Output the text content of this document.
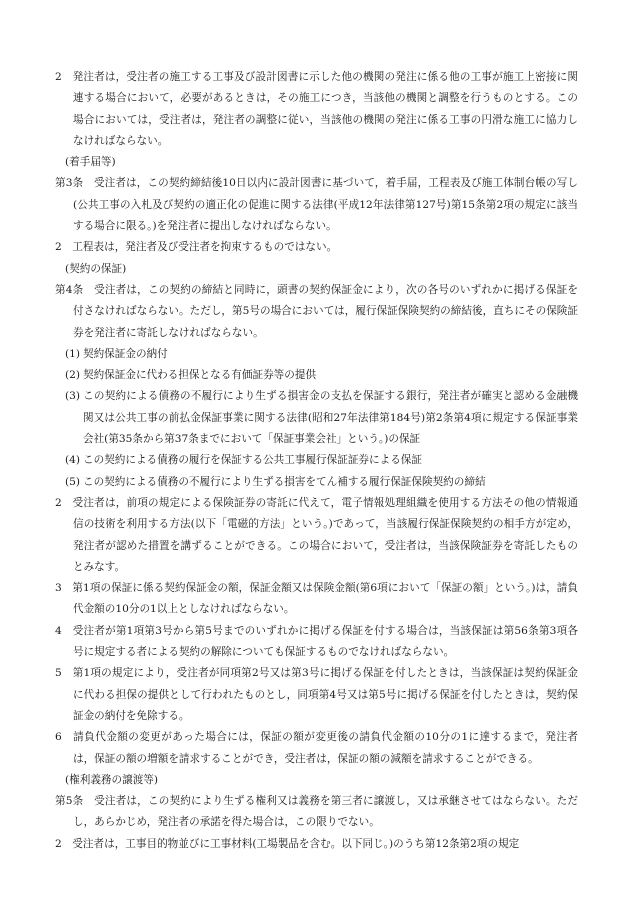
2　発注者は，受注者の施工する工事及び設計図書に示した他の機関の発注に係る他の工事が施工上密接に関連する場合において，必要があるときは，その施工につき，当該他の機関と調整を行うものとする。この場合においては，受注者は，発注者の調整に従い，当該他の機関の発注に係る工事の円滑な施工に協力しなければならない。
(着手届等)
第3条　受注者は，この契約締結後10日以内に設計図書に基づいて，着手届，工程表及び施工体制台帳の写し(公共工事の入札及び契約の適正化の促進に関する法律(平成12年法律第127号)第15条第2項の規定に該当する場合に限る。)を発注者に提出しなければならない。
2　工程表は，発注者及び受注者を拘束するものではない。
(契約の保証)
第4条　受注者は，この契約の締結と同時に，頭書の契約保証金により，次の各号のいずれかに掲げる保証を付さなければならない。ただし，第5号の場合においては，履行保証保険契約の締結後，直ちにその保険証券を発注者に寄託しなければならない。
(1) 契約保証金の納付
(2) 契約保証金に代わる担保となる有価証券等の提供
(3) この契約による債務の不履行により生ずる損害金の支払を保証する銀行，発注者が確実と認める金融機関又は公共工事の前払金保証事業に関する法律(昭和27年法律第184号)第2条第4項に規定する保証事業会社(第35条から第37条までにおいて「保証事業会社」という。)の保証
(4) この契約による債務の履行を保証する公共工事履行保証証券による保証
(5) この契約による債務の不履行により生ずる損害をてん補する履行保証保険契約の締結
2　受注者は，前項の規定による保険証券の寄託に代えて，電子情報処理組織を使用する方法その他の情報通信の技術を利用する方法(以下「電磁的方法」という。)であって，当該履行保証保険契約の相手方が定め，発注者が認めた措置を講ずることができる。この場合において，受注者は，当該保険証券を寄託したものとみなす。
3　第1項の保証に係る契約保証金の額，保証金額又は保険金額(第6項において「保証の額」という。)は，請負代金額の10分の1以上としなければならない。
4　受注者が第1項第3号から第5号までのいずれかに掲げる保証を付する場合は，当該保証は第56条第3項各号に規定する者による契約の解除についても保証するものでなければならない。
5　第1項の規定により，受注者が同項第2号又は第3号に掲げる保証を付したときは，当該保証は契約保証金に代わる担保の提供として行われたものとし，同項第4号又は第5号に掲げる保証を付したときは，契約保証金の納付を免除する。
6　請負代金額の変更があった場合には，保証の額が変更後の請負代金額の10分の1に達するまで，発注者は，保証の額の増額を請求することができ，受注者は，保証の額の減額を請求することができる。
(権利義務の譲渡等)
第5条　受注者は，この契約により生ずる権利又は義務を第三者に譲渡し，又は承継させてはならない。ただし，あらかじめ，発注者の承諾を得た場合は，この限りでない。
2　受注者は，工事目的物並びに工事材料(工場製品を含む。以下同じ。)のうち第12条第2項の規定
